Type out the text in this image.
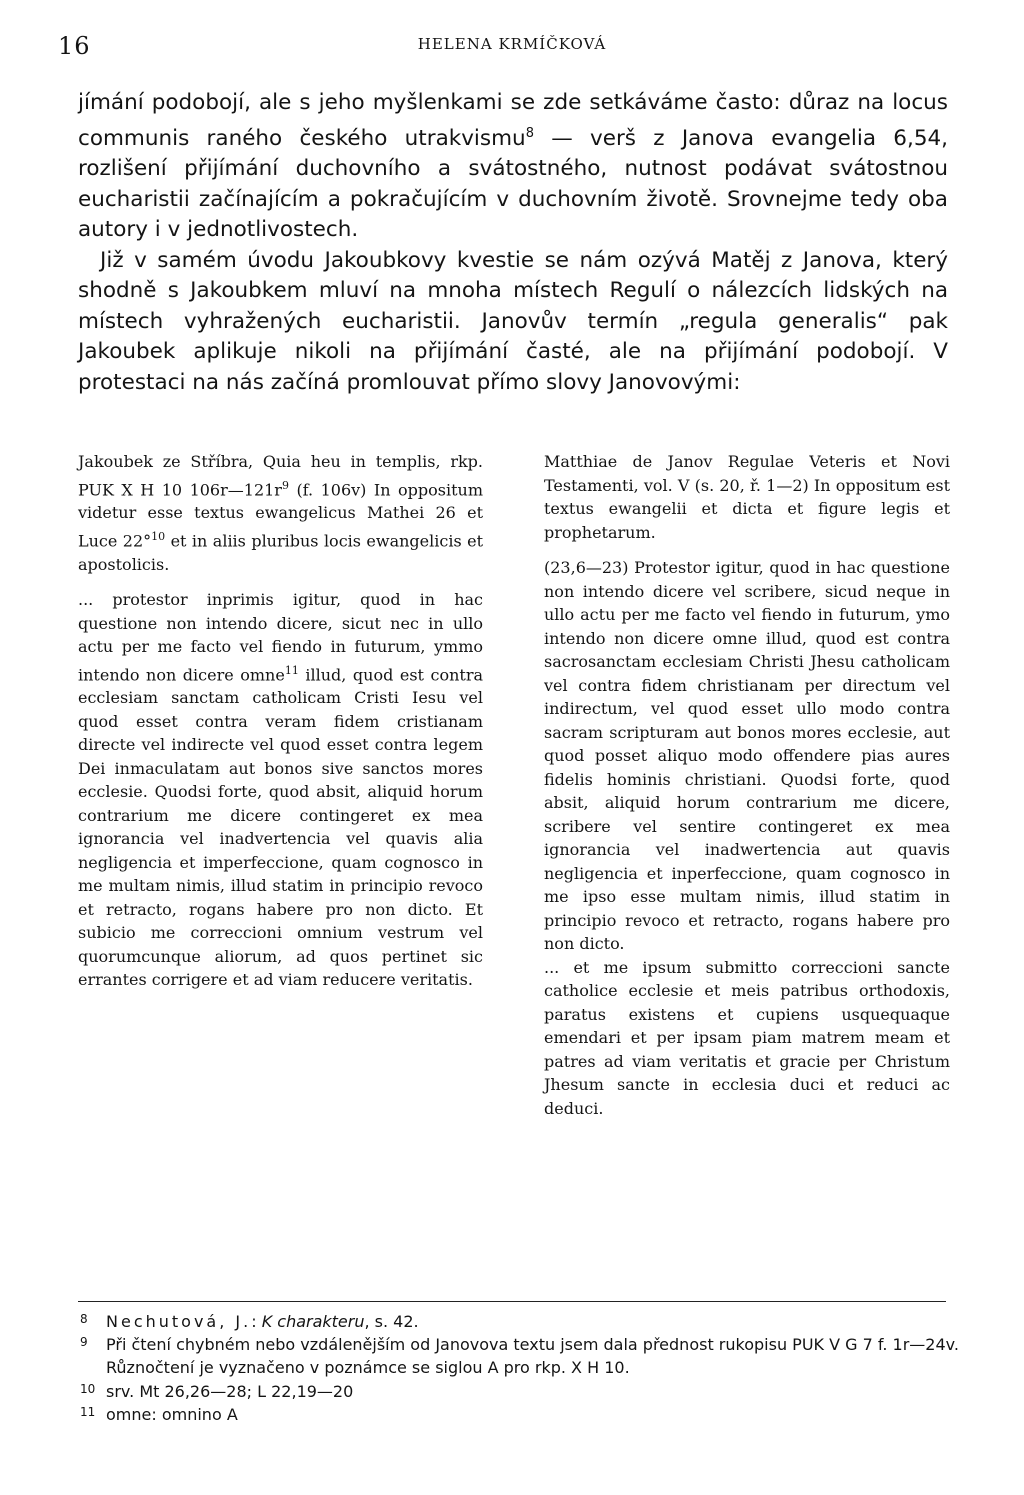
16	HELENA KRMÍČKOVÁ

jímání podobojí, ale s jeho myšlenkami se zde setkáváme často: důraz na locus communis raného českého utrakvismu$^8$ — verš z Janova evangelia 6,54, rozlišení přijímání duchovního a svátostného, nutnost podávat svátostnou eucharistii začínajícím a pokračujícím v duchovním životě. Srovnejme tedy oba autory i v jednotlivostech.

Již v samém úvodu Jakoubkovy kvestie se nám ozývá Matěj z Janova, který shodně s Jakoubkem mluví na mnoha místech Regulí o nálezcích lidských na místech vyhražených eucharistii. Janovův termín „regula generalis“ pak Jakoubek aplikuje nikoli na přijímání časté, ale na přijímání podobojí. V protestaci na nás začíná promlouvat přímo slovy Janovovými:

Jakoubek ze Stříbra, Quia heu in templis, rkp. PUK X H 10 $106r—121r^9$ (f. 106v) In oppositum videtur esse textus ewangelicus Mathei 26 et Luce 22°$^{10}$ et in aliis pluribus locis ewangelicis et apostolicis.

... protestor inprimis igitur, quod in hac questione non intendo dicere, sicut nec in ullo actu per me facto vel fiendo in futurum, ymmo intendo non dicere omne$^{11}$ illud, quod est contra ecclesiam sanctam catholicam Cristi Iesu vel quod esset contra veram fidem cristianam directe vel indirecte vel quod esset contra legem Dei inmaculatam aut bonos sive sanctos mores ecclesie. Quodsi forte, quod absit, aliquid horum contrarium me dicere contingeret ex mea ignorancia vel inadvertencia vel quavis alia negligencia et imperfeccione, quam cognosco in me multam nimis, illud statim in principio revoco et retracto, rogans habere pro non dicto. Et subicio me correccioni omnium vestrum vel quorumcunque aliorum, ad quos pertinet sic errantes corrigere et ad viam reducere veritatis.

Matthiae de Janov Regulae Veteris et Novi Testamenti, vol. V (s. 20, ř. 1—2) In oppositum est textus ewangelii et dicta et figure legis et prophetarum.

(23,6—23) Protestor igitur, quod in hac questione non intendo dicere vel scribere, sicud neque in ullo actu per me facto vel fiendo in futurum, ymo intendo non dicere omne illud, quod est contra sacrosanctam ecclesiam Christi Jhesu catholicam vel contra fidem christianam per directum vel indirectum, vel quod esset ullo modo contra sacram scripturam aut bonos mores ecclesie, aut quod posset aliquo modo offendere pias aures fidelis hominis christiani. Quodsi forte, quod absit, aliquid horum contrarium me dicere, scribere vel sentire contingeret ex mea ignorancia vel inadwertencia aut quavis negligencia et inperfeccione, quam cognosco in me ipso esse multam nimis, illud statim in principio revoco et retracto, rogans habere pro non dicto.

... et me ipsum submitto correccioni sancte catholice ecclesie et meis patribus orthodoxis, paratus existens et cupiens usquequaque emendari et per ipsam piam matrem meam et patres ad viam veritatis et gracie per Christum Jhesum sancte in ecclesia duci et reduci ac deduci.

8 Nechutová, J.: K charakteru, s. 42.

9 Při čtení chybném nebo vzdálenějším od Janovova textu jsem dala přednost rukopisu PUK V G 7 f. 1r—24v. Různočtení je vyznačeno v poznámce se siglou A pro rkp. X H 10.

10 srv. Mt 26,26—28; L 22,19—20

11 omne: omnino A
